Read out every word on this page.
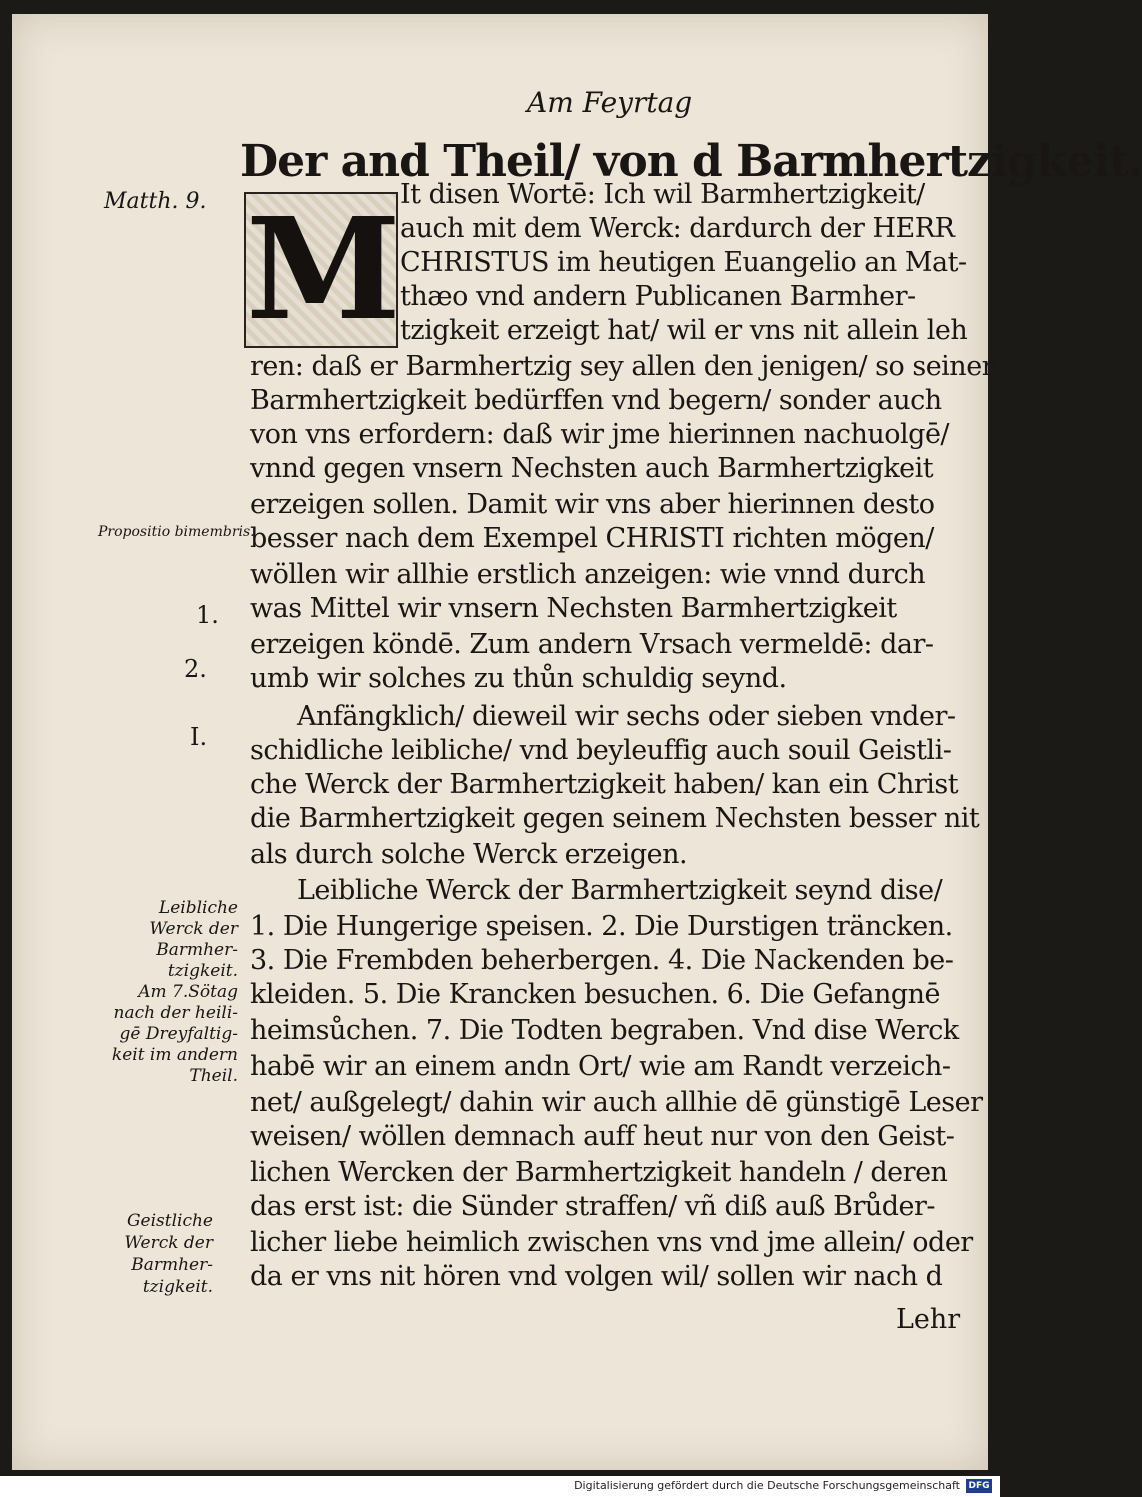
Am Feyrtag
Der and Theil/ von d Barmhertzigkeit.
Matth. 9.
Propositio bimembris.
1.
2.
I.
Leibliche
Werck der
Barmher-
tzigkeit.
Am 7.Sötag
nach der heili-
gē Dreyfaltig-
keit im andern
Theil.
Geistliche
Werck der
Barmher-
tzigkeit.
M It disen Wortē: Ich wil Barmhertzigkeit/
auch mit dem Werck: dardurch der HERR
CHRISTUS im heutigen Euangelio an Mat-
thæo vnd andern Publicanen Barmher-
tzigkeit erzeigt hat/ wil er vns nit allein leh
ren: daß er Barmhertzig sey allen den jenigen/ so seiner
Barmhertzigkeit bedürffen vnd begern/ sonder auch
von vns erfordern: daß wir jme hierinnen nachuolgē/
vnnd gegen vnsern Nechsten auch Barmhertzigkeit
erzeigen sollen. Damit wir vns aber hierinnen desto
besser nach dem Exempel CHRISTI richten mögen/
wöllen wir allhie erstlich anzeigen: wie vnnd durch
was Mittel wir vnsern Nechsten Barmhertzigkeit
erzeigen köndē. Zum andern Vrsach vermeldē: dar-
umb wir solches zu thůn schuldig seynd.
Anfängklich/ dieweil wir sechs oder sieben vnder-
schidliche leibliche/ vnd beyleuffig auch souil Geistli-
che Werck der Barmhertzigkeit haben/ kan ein Christ
die Barmhertzigkeit gegen seinem Nechsten besser nit
als durch solche Werck erzeigen.
Leibliche Werck der Barmhertzigkeit seynd dise/
1. Die Hungerige speisen. 2. Die Durstigen träncken.
3. Die Frembden beherbergen. 4. Die Nackenden be-
kleiden. 5. Die Krancken besuchen. 6. Die Gefangnē
heimsůchen. 7. Die Todten begraben. Vnd dise Werck
habē wir an einem andn Ort/ wie am Randt verzeich-
net/ außgelegt/ dahin wir auch allhie dē günstigē Leser
weisen/ wöllen demnach auff heut nur von den Geist-
lichen Wercken der Barmhertzigkeit handeln / deren
das erst ist: die Sünder straffen/ vñ diß auß Brůder-
licher liebe heimlich zwischen vns vnd jme allein/ oder
da er vns nit hören vnd volgen wil/ sollen wir nach d
Lehr
Digitalisierung gefördert durch die Deutsche Forschungsgemeinschaft DFG
